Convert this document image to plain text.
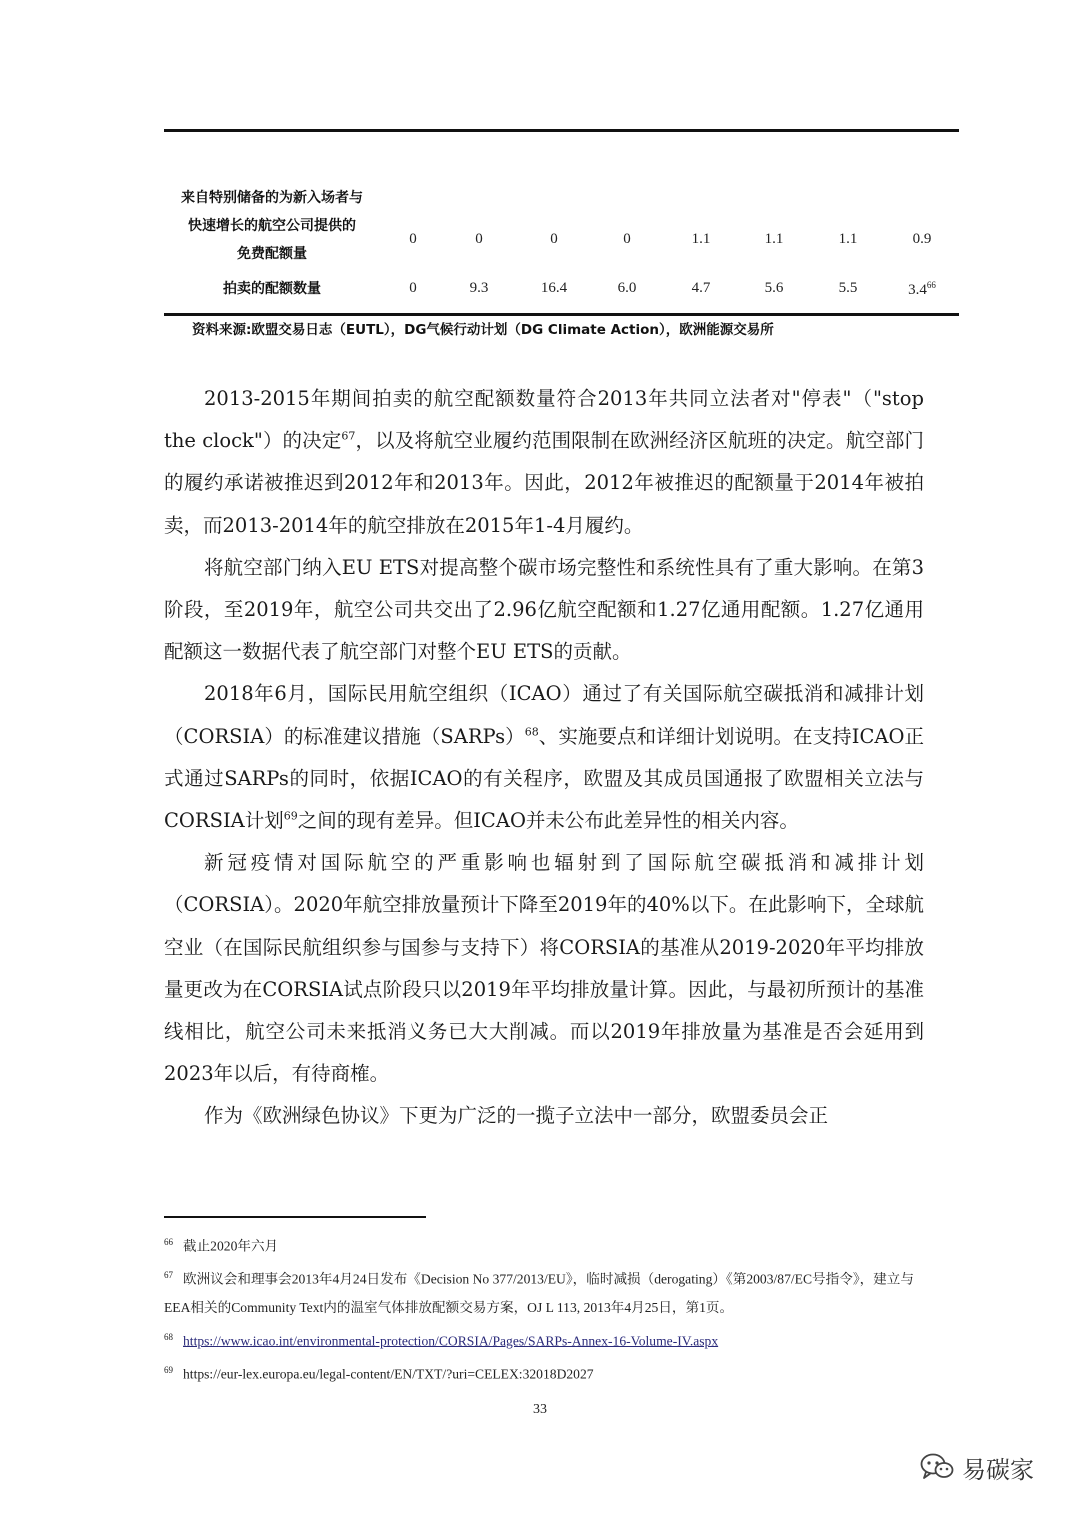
来自特别储备的为新入场者与
快速增长的航空公司提供的
免费配额量
0	0	0	0	1.1	1.1	1.1	0.9
拍卖的配额数量	0	9.3	16.4	6.0	4.7	5.6	5.5	$3.4^{66}$
资料来源:欧盟交易日志（EUTL），DG气候行动计划（DG Climate Action），欧洲能源交易所

2013-2015年期间拍卖的航空配额数量符合2013年共同立法者对"停表"（"stop the clock"）的决定$^{67}$，以及将航空业履约范围限制在欧洲经济区航班的决定。航空部门的履约承诺被推迟到2012年和2013年。因此，2012年被推迟的配额量于2014年被拍卖，而2013-2014年的航空排放在2015年1-4月履约。

将航空部门纳入EU ETS对提高整个碳市场完整性和系统性具有了重大影响。在第3阶段，至2019年，航空公司共交出了2.96亿航空配额和1.27亿通用配额。1.27亿通用配额这一数据代表了航空部门对整个EU ETS的贡献。

2018年6月，国际民用航空组织（ICAO）通过了有关国际航空碳抵消和减排计划（CORSIA）的标准建议措施（SARPs）$^{68}$、实施要点和详细计划说明。在支持ICAO正式通过SARPs的同时，依据ICAO的有关程序，欧盟及其成员国通报了欧盟相关立法与CORSIA计划$^{69}$之间的现有差异。但ICAO并未公布此差异性的相关内容。

新冠疫情对国际航空的严重影响也辐射到了国际航空碳抵消和减排计划（CORSIA）。2020年航空排放量预计下降至2019年的40%以下。在此影响下，全球航空业（在国际民航组织参与国参与支持下）将CORSIA的基准从2019-2020年平均排放量更改为在CORSIA试点阶段只以2019年平均排放量计算。因此，与最初所预计的基准线相比，航空公司未来抵消义务已大大削减。而以2019年排放量为基准是否会延用到2023年以后，有待商榷。

作为《欧洲绿色协议》下更为广泛的一揽子立法中一部分，欧盟委员会正

$^{66}$ 截止2020年六月

$^{67}$ 欧洲议会和理事会2013年4月24日发布《Decision No 377/2013/EU》，临时减损（derogating）《第2003/87/EC号指令》，建立与EEA相关的Community Text内的温室气体排放配额交易方案，OJ L 113, 2013年4月25日，第1页。

$^{68}$ https://www.icao.int/environmental-protection/CORSIA/Pages/SARPs-Annex-16-Volume-IV.aspx

$^{69}$ https://eur-lex.europa.eu/legal-content/EN/TXT/?uri=CELEX:32018D2027

33
易碳家
